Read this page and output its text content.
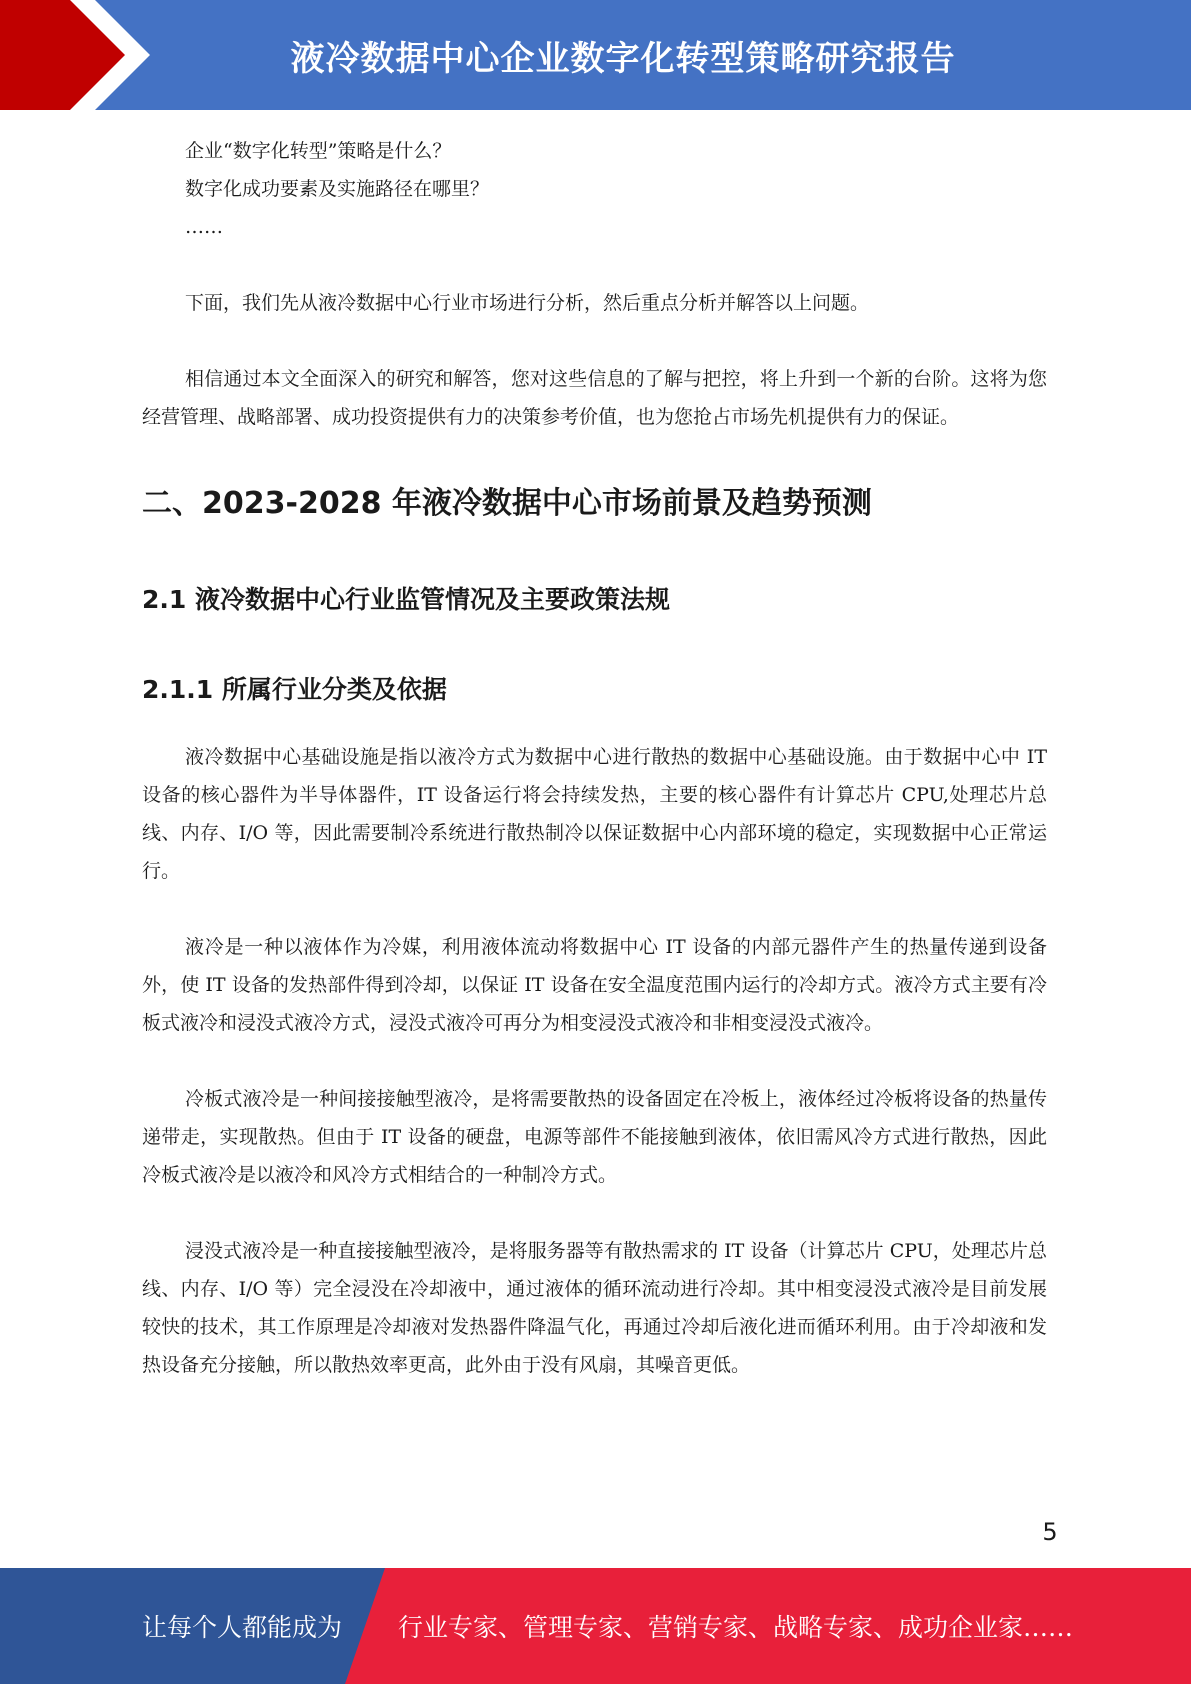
液冷数据中心企业数字化转型策略研究报告

企业“数字化转型”策略是什么？

数字化成功要素及实施路径在哪里？

……

下面，我们先从液冷数据中心行业市场进行分析，然后重点分析并解答以上问题。

相信通过本文全面深入的研究和解答，您对这些信息的了解与把控，将上升到一个新的台阶。这将为您经营管理、战略部署、成功投资提供有力的决策参考价值，也为您抢占市场先机提供有力的保证。

二、2023-2028 年液冷数据中心市场前景及趋势预测
2.1 液冷数据中心行业监管情况及主要政策法规
2.1.1 所属行业分类及依据

液冷数据中心基础设施是指以液冷方式为数据中心进行散热的数据中心基础设施。由于数据中心中 IT 设备的核心器件为半导体器件，IT 设备运行将会持续发热，主要的核心器件有计算芯片 CPU,处理芯片总线、内存、I/O 等，因此需要制冷系统进行散热制冷以保证数据中心内部环境的稳定，实现数据中心正常运行。

液冷是一种以液体作为冷媒，利用液体流动将数据中心 IT 设备的内部元器件产生的热量传递到设备外，使 IT 设备的发热部件得到冷却，以保证 IT 设备在安全温度范围内运行的冷却方式。液冷方式主要有冷板式液冷和浸没式液冷方式，浸没式液冷可再分为相变浸没式液冷和非相变浸没式液冷。

冷板式液冷是一种间接接触型液冷，是将需要散热的设备固定在冷板上，液体经过冷板将设备的热量传递带走，实现散热。但由于 IT 设备的硬盘，电源等部件不能接触到液体，依旧需风冷方式进行散热，因此冷板式液冷是以液冷和风冷方式相结合的一种制冷方式。

浸没式液冷是一种直接接触型液冷，是将服务器等有散热需求的 IT 设备（计算芯片 CPU，处理芯片总线、内存、I/O 等）完全浸没在冷却液中，通过液体的循环流动进行冷却。其中相变浸没式液冷是目前发展较快的技术，其工作原理是冷却液对发热器件降温气化，再通过冷却后液化进而循环利用。由于冷却液和发热设备充分接触，所以散热效率更高，此外由于没有风扇，其噪音更低。

5
让每个人都能成为 行业专家、管理专家、营销专家、战略专家、成功企业家……
